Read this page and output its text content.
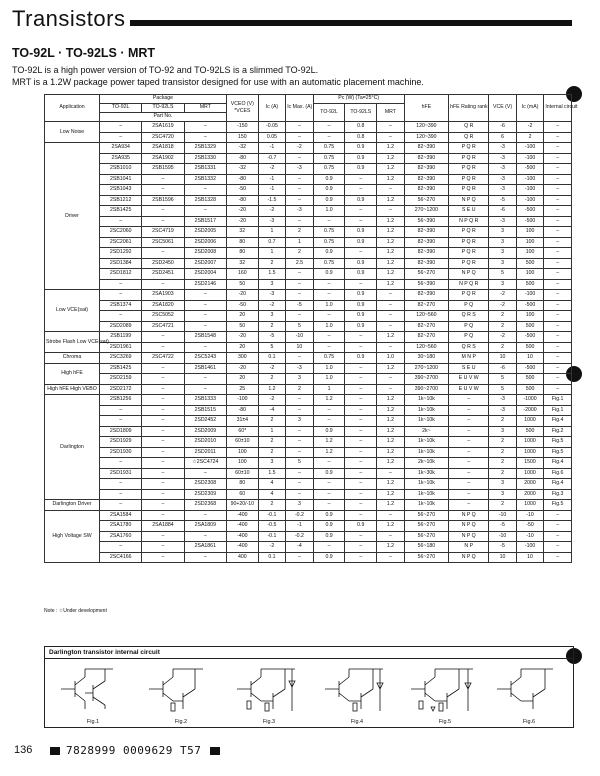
Transistors
TO-92L · TO-92LS · MRT
TO-92L is a high power version of TO-92 and TO-92LS is a slimmed TO-92L.
MRT is a 1.2W package power taped transistor designed for use with an automatic placement machine.
Application	Package			VCEO (V)
*VCES	Ic (A)	Ic Max. (A)	Pc (W) (Ta=25°C)			hFE	hFE Rating rank	VCE (V)	Ic (mA)	Internal circuit
	TO-92L	TO-92LS	MRT				TO-92L	TO-92LS	MRT					
	Part No.													
Low Noise	–	2SA1619	–	-150	-0.05	–	–	0.8	–	120~390	Q R	-6	-2	–
	–	2SC4720	–	150	0.05	–	–	0.8	–	120~390	Q R	6	2	–
Driver	2SA934	2SA1818	2SB1329	-32	-1	-2	0.75	0.9	1.2	82~390	P Q R	-3	-100	–
	2SA935	2SA1902	2SB1330	-80	-0.7	–	0.75	0.9	1.2	82~390	P Q R	-3	-100	–
	2SB1010	2SB1595	2SB1331	-32	-2	-3	0.75	0.9	1.2	82~390	P Q R	-3	-500	–
	2SB1041	–	2SB1332	-80	-1	–	0.9	–	1.2	82~390	P Q R	-3	-100	–
	2SB1043	–	–	-50	-1	–	0.9	–	–	82~390	P Q R	-3	-100	–
	2SB1212	2SB1596	2SB1328	-80	-1.5	–	0.9	0.9	1.2	56~270	N P Q	-5	-100	–
	2SB1425	–	–	-20	-2	-3	1.0	–	–	270~1200	S E U	-6	-500	–
	–	–	2SB1517	-20	-3	–	–	–	1.2	56~390	N P Q R	-3	-500	–
	2SC2060	2SC4719	2SD2005	32	1	2	0.75	0.9	1.2	82~390	P Q R	3	100	–
	2SC2061	2SC5061	2SD2006	80	0.7	1	0.75	0.9	1.2	82~390	P Q R	3	100	–
	2SD1292	–	2SD2008	80	1	2	0.9	–	1.2	82~390	P Q R	3	100	–
	2SD1384	2SD2450	2SD2007	32	2	2.5	0.75	0.9	1.2	82~390	P Q R	3	500	–
	2SD1812	2SD2451	2SD2004	160	1.5	–	0.9	0.9	1.2	56~270	N P Q	5	100	–
	–	–	2SD2146	50	3	–	–	–	1.2	56~390	N P Q R	3	500	–
Low VCE(sat)	–	2SA1903	–	-20	-3	–	–	0.9	–	82~390	P Q R	-2	-100	–
	2SB1374	2SA1820	–	-50	-2	-5	1.0	0.9	–	82~270	P Q	-2	-500	–
	–	2SC5052	–	20	3	–	–	0.9	–	120~560	Q R S	2	100	–
	2SD2089	2SC4721	–	50	2	5	1.0	0.9	–	82~270	P Q	2	500	–
Strobe Flash Low VCE(sat)	2SB1199	–	2SB1548	-20	-5	-10	–	–	1.2	82~270	P Q	-2	-500	–
	2SD1961	–	–	20	5	10	–	–	–	120~560	Q R S	2	500	–
Chroma	2SC3269	2SC4722	2SC5243	300	0.1	–	0.75	0.9	1.0	30~180	M N P	10	10	–
High hFE	2SB1425	–	2SB1461	-20	-2	-3	1.0	–	1.2	270~1200	S E U	-6	-500	–
	2SD2159	–	–	20	2	3	1.0	–	–	390~2700	E U V W	5	500	–
High hFE High VEBO	2SD2172	–	–	25	1.2	2	1	–	–	390~2700	E U V W	5	500	–
Darlington	2SB1256	–	2SB1333	-100	-2	–	1.2	–	1.2	1k~10k	–	-3	-1000	Fig.1
	–	–	2SB1515	-80	-4	–	–	–	1.2	1k~10k	–	-3	-2000	Fig.1
	–	–	2SD2452	31±4	2	3	–	–	1.2	1k~10k	–	2	1000	Fig.4
	2SD1809	–	2SD2009	60*	1	–	0.9	–	1.2	2k~	–	3	500	Fig.2
	2SD1929	–	2SD2010	60±10	2	–	1.2	–	1.2	1k~10k	–	2	1000	Fig.5
	2SD1930	–	2SD2011	100	2	–	1.2	–	1.2	1k~10k	–	2	1000	Fig.5
	–	–	☆2SC4724	100	3	5	–	–	1.2	2k~10k	–	2	1500	Fig.4
	2SD1931	–	–	60±10	1.5	–	0.9	–	–	1k~30k	–	2	1000	Fig.6
	–	–	2SD2308	80	4	–	–	–	1.2	1k~10k	–	3	2000	Fig.4
	–	–	2SD2309	60	4	–	–	–	1.2	1k~10k	–	3	2000	Fig.3
Darlington Driver	–	–	2SD2368	90+20/-10	2	3	–	–	1.2	1k~10k	–	2	1000	Fig.5
High Voltage SW	2SA1584	–	–	-400	-0.1	-0.2	0.9	–	–	56~270	N P Q	-10	-10	–
	2SA1780	2SA1884	2SA1809	-400	-0.5	-1	0.9	0.9	1.2	56~270	N P Q	-5	-50	–
	2SA1760	–	–	-400	-0.1	-0.2	0.9	–	–	56~270	N P Q	-10	-10	–
	–	–	2SA1861	-400	-2	-4	–	–	1.2	56~180	N P	-5	-100	–
	2SC4166	–	–	400	0.1	–	0.9	–	–	56~270	N P Q	10	10	–
Note : ☆Under development
Darlington transistor internal circuit
Fig.1	Fig.2	Fig.3	Fig.4	Fig.5	Fig.6
136	7828999 0009629 T57
